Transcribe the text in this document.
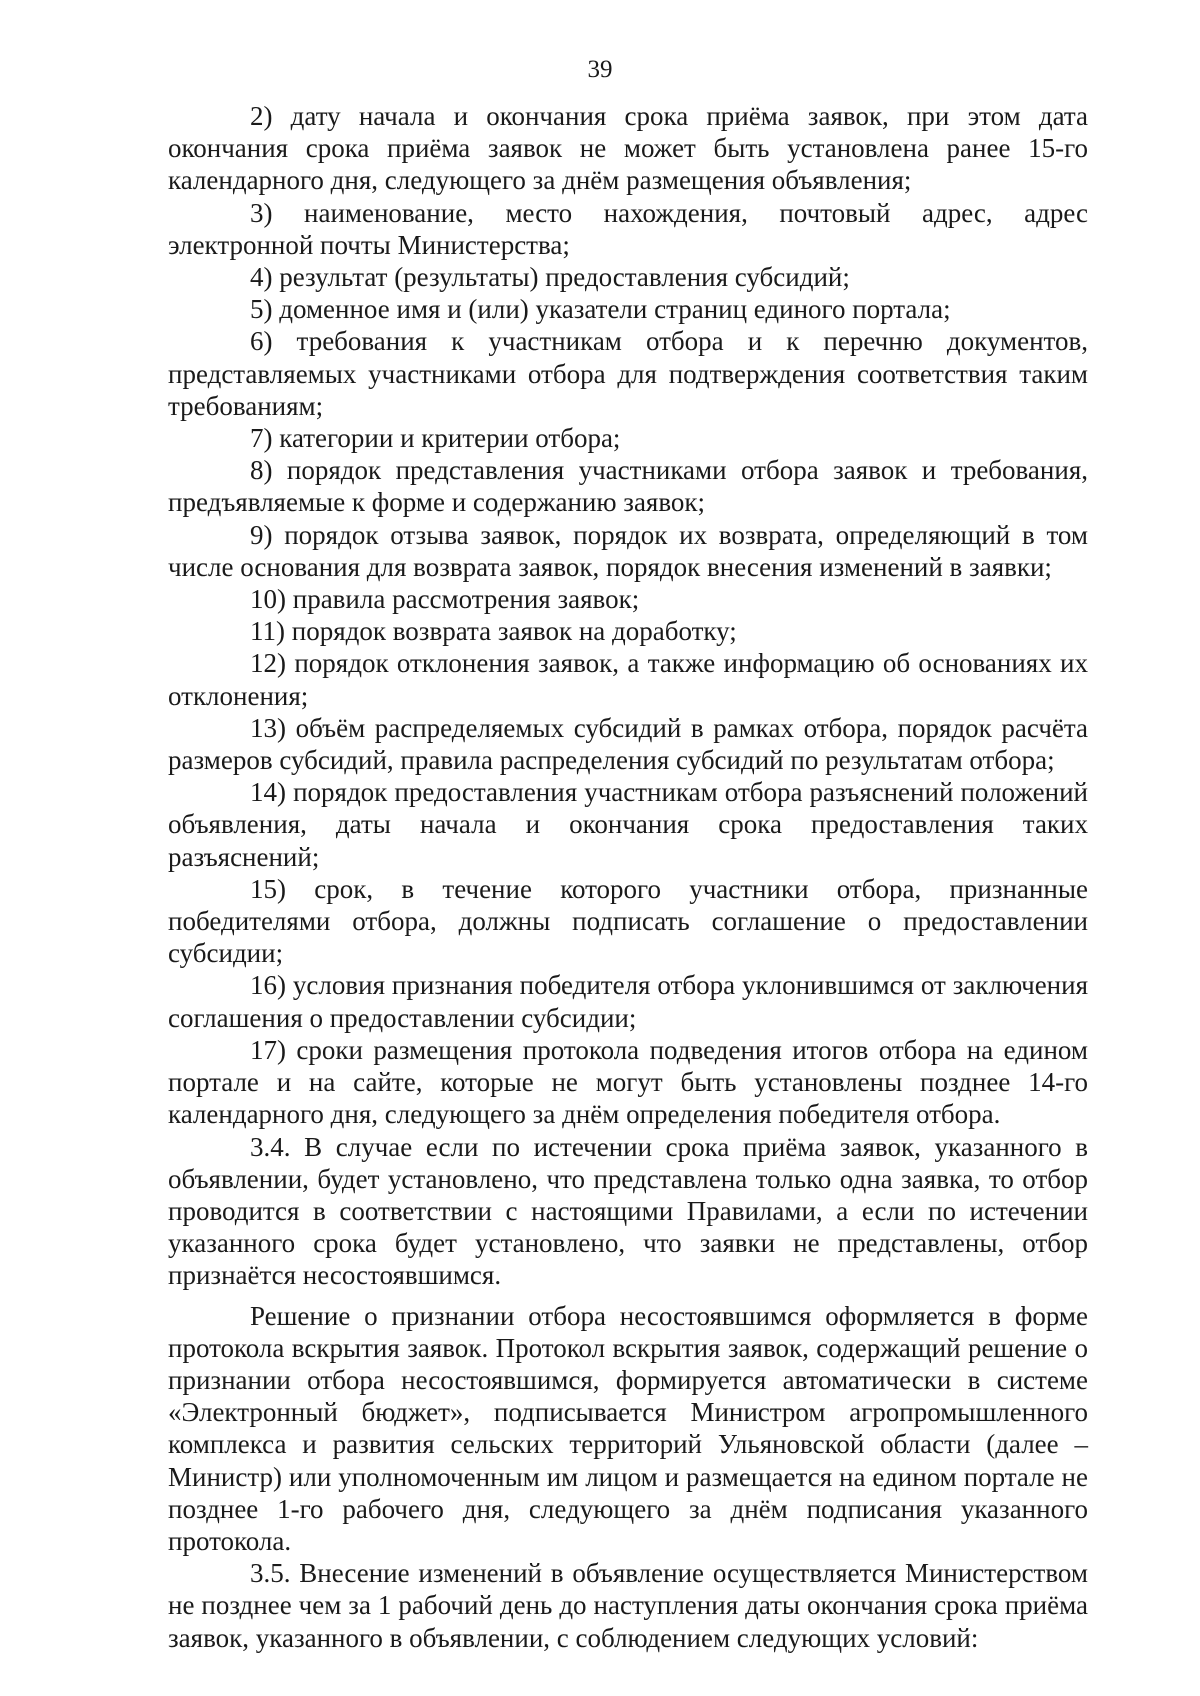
39

2) дату начала и окончания срока приёма заявок, при этом дата окончания срока приёма заявок не может быть установлена ранее 15-го календарного дня, следующего за днём размещения объявления;

3) наименование, место нахождения, почтовый адрес, адрес электронной почты Министерства;

4) результат (результаты) предоставления субсидий;

5) доменное имя и (или) указатели страниц единого портала;

6) требования к участникам отбора и к перечню документов, представляемых участниками отбора для подтверждения соответствия таким требованиям;

7) категории и критерии отбора;

8) порядок представления участниками отбора заявок и требования, предъявляемые к форме и содержанию заявок;

9) порядок отзыва заявок, порядок их возврата, определяющий в том числе основания для возврата заявок, порядок внесения изменений в заявки;

10) правила рассмотрения заявок;

11) порядок возврата заявок на доработку;

12) порядок отклонения заявок, а также информацию об основаниях их отклонения;

13) объём распределяемых субсидий в рамках отбора, порядок расчёта размеров субсидий, правила распределения субсидий по результатам отбора;

14) порядок предоставления участникам отбора разъяснений положений объявления, даты начала и окончания срока предоставления таких разъяснений;

15) срок, в течение которого участники отбора, признанные победителями отбора, должны подписать соглашение о предоставлении субсидии;

16) условия признания победителя отбора уклонившимся от заключения соглашения о предоставлении субсидии;

17) сроки размещения протокола подведения итогов отбора на едином портале и на сайте, которые не могут быть установлены позднее 14-го календарного дня, следующего за днём определения победителя отбора.

3.4. В случае если по истечении срока приёма заявок, указанного в объявлении, будет установлено, что представлена только одна заявка, то отбор проводится в соответствии с настоящими Правилами, а если по истечении указанного срока будет установлено, что заявки не представлены, отбор признаётся несостоявшимся.

Решение о признании отбора несостоявшимся оформляется в форме протокола вскрытия заявок. Протокол вскрытия заявок, содержащий решение о признании отбора несостоявшимся, формируется автоматически в системе «Электронный бюджет», подписывается Министром агропромышленного комплекса и развития сельских территорий Ульяновской области (далее – Министр) или уполномоченным им лицом и размещается на едином портале не позднее 1-го рабочего дня, следующего за днём подписания указанного протокола.

3.5. Внесение изменений в объявление осуществляется Министерством не позднее чем за 1 рабочий день до наступления даты окончания срока приёма заявок, указанного в объявлении, с соблюдением следующих условий:
